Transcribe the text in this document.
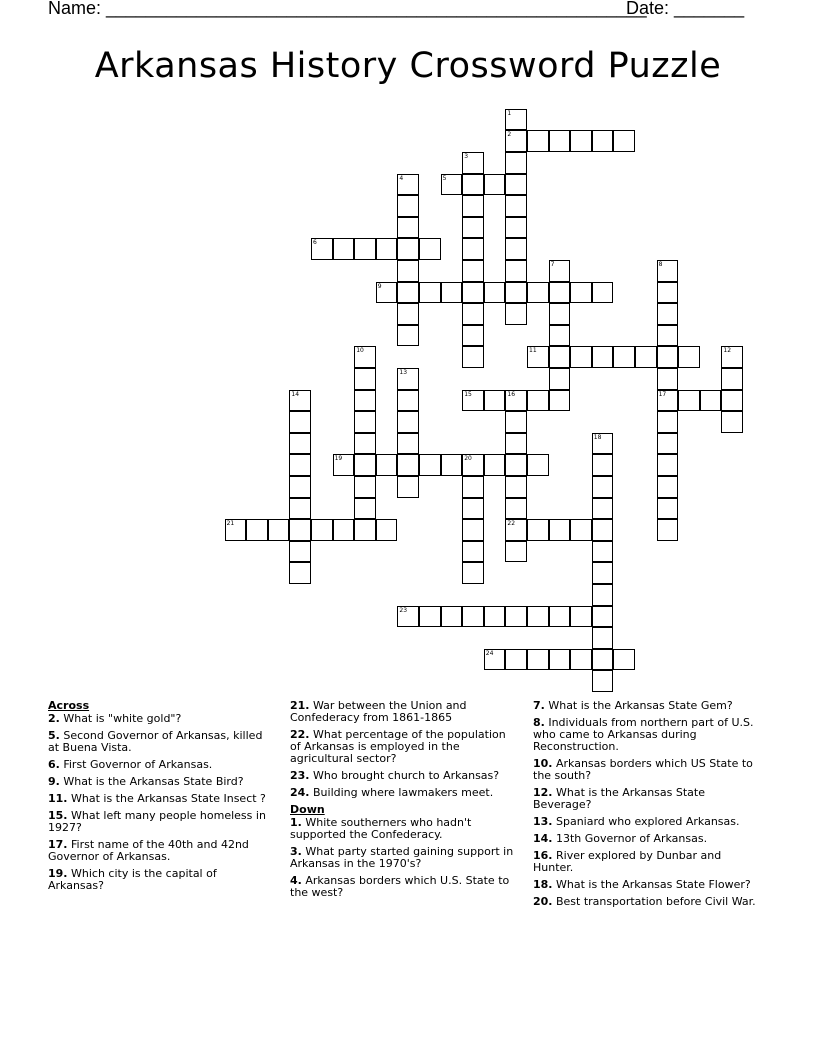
Name: ______________________________________________________
Date: _______
Arkansas History Crossword Puzzle
1
2
3
4	5
6
7	8
17
9
10	11	12
13
14	15	16
22
18
19	20
21
23
24
Across
2. What is "white gold"?
5. Second Governor of Arkansas, killed at Buena Vista.
6. First Governor of Arkansas.
9. What is the Arkansas State Bird?
11. What is the Arkansas State Insect ?
15. What left many people homeless in 1927?
17. First name of the 40th and 42nd Governor of Arkansas.
19. Which city is the capital of Arkansas?
21. War between the Union and Confederacy from 1861-1865
22. What percentage of the population of Arkansas is employed in the agricultural sector?
23. Who brought church to Arkansas?
24. Building where lawmakers meet.
Down
1. White southerners who hadn't supported the Confederacy.
3. What party started gaining support in Arkansas in the 1970's?
4. Arkansas borders which U.S. State to the west?
7. What is the Arkansas State Gem?
8. Individuals from northern part of U.S. who came to Arkansas during Reconstruction.
10. Arkansas borders which US State to the south?
12. What is the Arkansas State Beverage?
13. Spaniard who explored Arkansas.
14. 13th Governor of Arkansas.
16. River explored by Dunbar and Hunter.
18. What is the Arkansas State Flower?
20. Best transportation before Civil War.
